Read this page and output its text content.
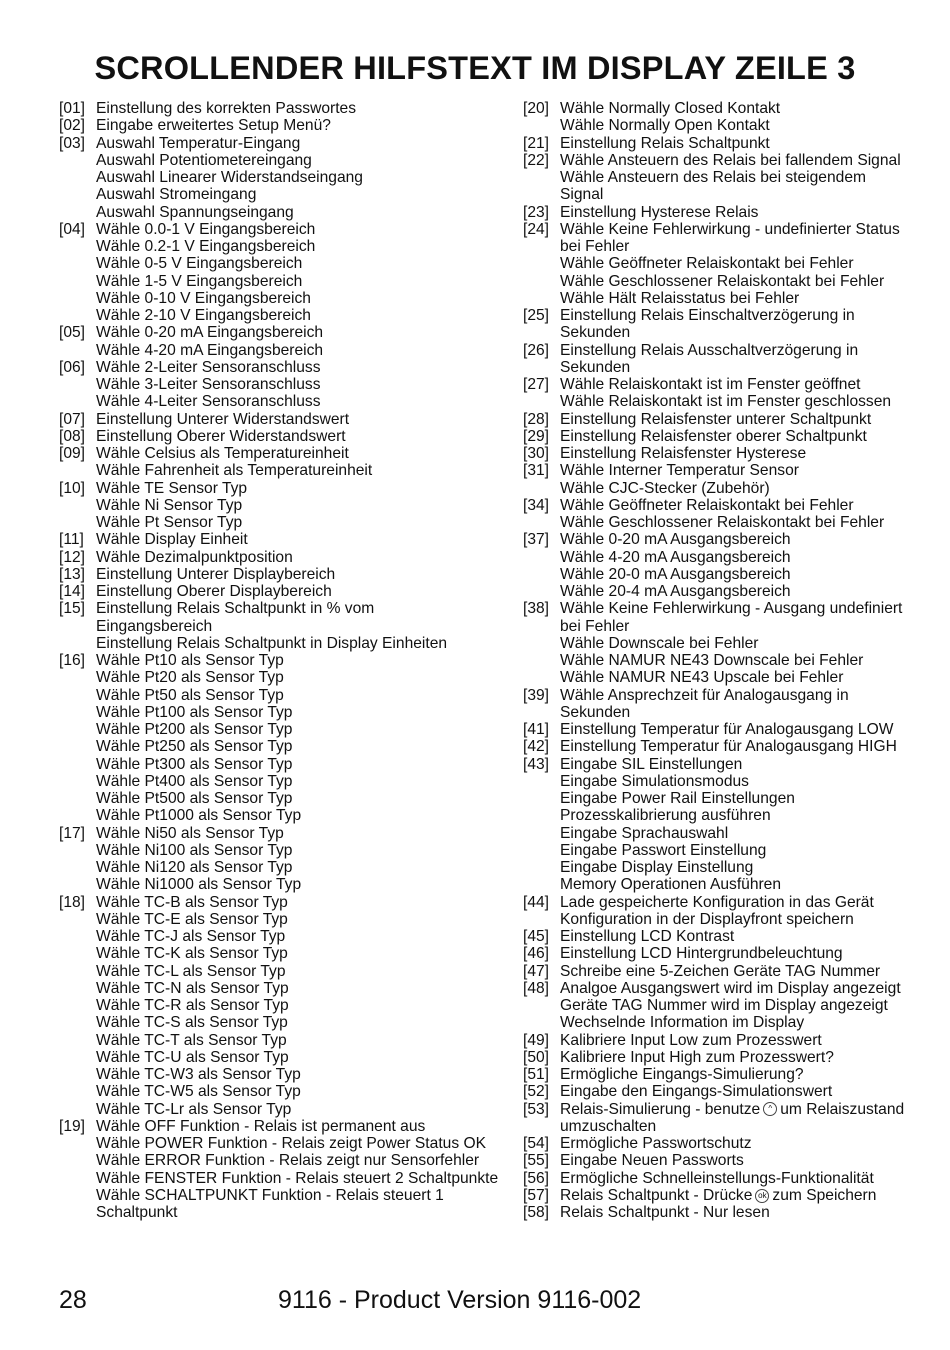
SCROLLENDER HILFSTEXT IM DISPLAY ZEILE 3
[01] Einstellung des korrekten Passwortes
[02] Eingabe erweitertes Setup Menü?
[03] Auswahl Temperatur-Eingang
Auswahl Potentiometereingang
Auswahl Linearer Widerstandseingang
Auswahl Stromeingang
Auswahl Spannungseingang
[04] Wähle 0.0-1 V Eingangsbereich
Wähle 0.2-1 V Eingangsbereich
Wähle 0-5 V Eingangsbereich
Wähle 1-5 V Eingangsbereich
Wähle 0-10 V Eingangsbereich
Wähle 2-10 V Eingangsbereich
[05] Wähle 0-20 mA Eingangsbereich
Wähle 4-20 mA Eingangsbereich
[06] Wähle 2-Leiter Sensoranschluss
Wähle 3-Leiter Sensoranschluss
Wähle 4-Leiter Sensoranschluss
[07] Einstellung Unterer Widerstandswert
[08] Einstellung Oberer Widerstandswert
[09] Wähle Celsius als Temperatureinheit
Wähle Fahrenheit als Temperatureinheit
[10] Wähle TE Sensor Typ
Wähle Ni Sensor Typ
Wähle Pt Sensor Typ
[11] Wähle Display Einheit
[12] Wähle Dezimalpunktposition
[13] Einstellung Unterer Displaybereich
[14] Einstellung Oberer Displaybereich
[15] Einstellung Relais Schaltpunkt in % vom
Eingangsbereich
Einstellung Relais Schaltpunkt in Display Einheiten
[16] Wähle Pt10 als Sensor Typ
Wähle Pt20 als Sensor Typ
Wähle Pt50 als Sensor Typ
Wähle Pt100 als Sensor Typ
Wähle Pt200 als Sensor Typ
Wähle Pt250 als Sensor Typ
Wähle Pt300 als Sensor Typ
Wähle Pt400 als Sensor Typ
Wähle Pt500 als Sensor Typ
Wähle Pt1000 als Sensor Typ
[17] Wähle Ni50 als Sensor Typ
Wähle Ni100 als Sensor Typ
Wähle Ni120 als Sensor Typ
Wähle Ni1000 als Sensor Typ
[18] Wähle TC-B als Sensor Typ
Wähle TC-E als Sensor Typ
Wähle TC-J als Sensor Typ
Wähle TC-K als Sensor Typ
Wähle TC-L als Sensor Typ
Wähle TC-N als Sensor Typ
Wähle TC-R als Sensor Typ
Wähle TC-S als Sensor Typ
Wähle TC-T als Sensor Typ
Wähle TC-U als Sensor Typ
Wähle TC-W3 als Sensor Typ
Wähle TC-W5 als Sensor Typ
Wähle TC-Lr als Sensor Typ
[19] Wähle OFF Funktion - Relais ist permanent aus
Wähle POWER Funktion - Relais zeigt Power Status OK
Wähle ERROR Funktion - Relais zeigt nur Sensorfehler
Wähle FENSTER Funktion - Relais steuert 2 Schaltpunkte
Wähle SCHALTPUNKT Funktion - Relais steuert 1
Schaltpunkt
[20] Wähle Normally Closed Kontakt
Wähle Normally Open Kontakt
[21] Einstellung Relais Schaltpunkt
[22] Wähle Ansteuern des Relais bei fallendem Signal
Wähle Ansteuern des Relais bei steigendem
Signal
[23] Einstellung Hysterese Relais
[24] Wähle Keine Fehlerwirkung - undefinierter Status
bei Fehler
Wähle Geöffneter Relaiskontakt bei Fehler
Wähle Geschlossener Relaiskontakt bei Fehler
Wähle Hält Relaisstatus bei Fehler
[25] Einstellung Relais Einschaltverzögerung in
Sekunden
[26] Einstellung Relais Ausschaltverzögerung in
Sekunden
[27] Wähle Relaiskontakt ist im Fenster geöffnet
Wähle Relaiskontakt ist im Fenster geschlossen
[28] Einstellung Relaisfenster unterer Schaltpunkt
[29] Einstellung Relaisfenster oberer Schaltpunkt
[30] Einstellung Relaisfenster Hysterese
[31] Wähle Interner Temperatur Sensor
Wähle CJC-Stecker (Zubehör)
[34] Wähle Geöffneter Relaiskontakt bei Fehler
Wähle Geschlossener Relaiskontakt bei Fehler
[37] Wähle 0-20 mA Ausgangsbereich
Wähle 4-20 mA Ausgangsbereich
Wähle 20-0 mA Ausgangsbereich
Wähle 20-4 mA Ausgangsbereich
[38] Wähle Keine Fehlerwirkung - Ausgang undefiniert
bei Fehler
Wähle Downscale bei Fehler
Wähle NAMUR NE43 Downscale bei Fehler
Wähle NAMUR NE43 Upscale bei Fehler
[39] Wähle Ansprechzeit für Analogausgang in
Sekunden
[41] Einstellung Temperatur für Analogausgang LOW
[42] Einstellung Temperatur für Analogausgang HIGH
[43] Eingabe SIL Einstellungen
Eingabe Simulationsmodus
Eingabe Power Rail Einstellungen
Prozesskalibrierung ausführen
Eingabe Sprachauswahl
Eingabe Passwort Einstellung
Eingabe Display Einstellung
Memory Operationen Ausführen
[44] Lade gespeicherte Konfiguration in das Gerät
Konfiguration in der Displayfront speichern
[45] Einstellung LCD Kontrast
[46] Einstellung LCD Hintergrundbeleuchtung
[47] Schreibe eine 5-Zeichen Geräte TAG Nummer
[48] Analgoe Ausgangswert wird im Display angezeigt
Geräte TAG Nummer wird im Display angezeigt
Wechselnde Information im Display
[49] Kalibriere Input Low zum Prozesswert
[50] Kalibriere Input High zum Prozesswert?
[51] Ermögliche Eingangs-Simulierung?
[52] Eingabe den Eingangs-Simulationswert
[53] Relais-Simulierung - benutze ^ um Relaiszustand
umzuschalten
[54] Ermögliche Passwortschutz
[55] Eingabe Neuen Passworts
[56] Ermögliche Schnelleinstellungs-Funktionalität
[57] Relais Schaltpunkt - Drücke ok zum Speichern
[58] Relais Schaltpunkt - Nur lesen
28	9116 - Product Version 9116-002
